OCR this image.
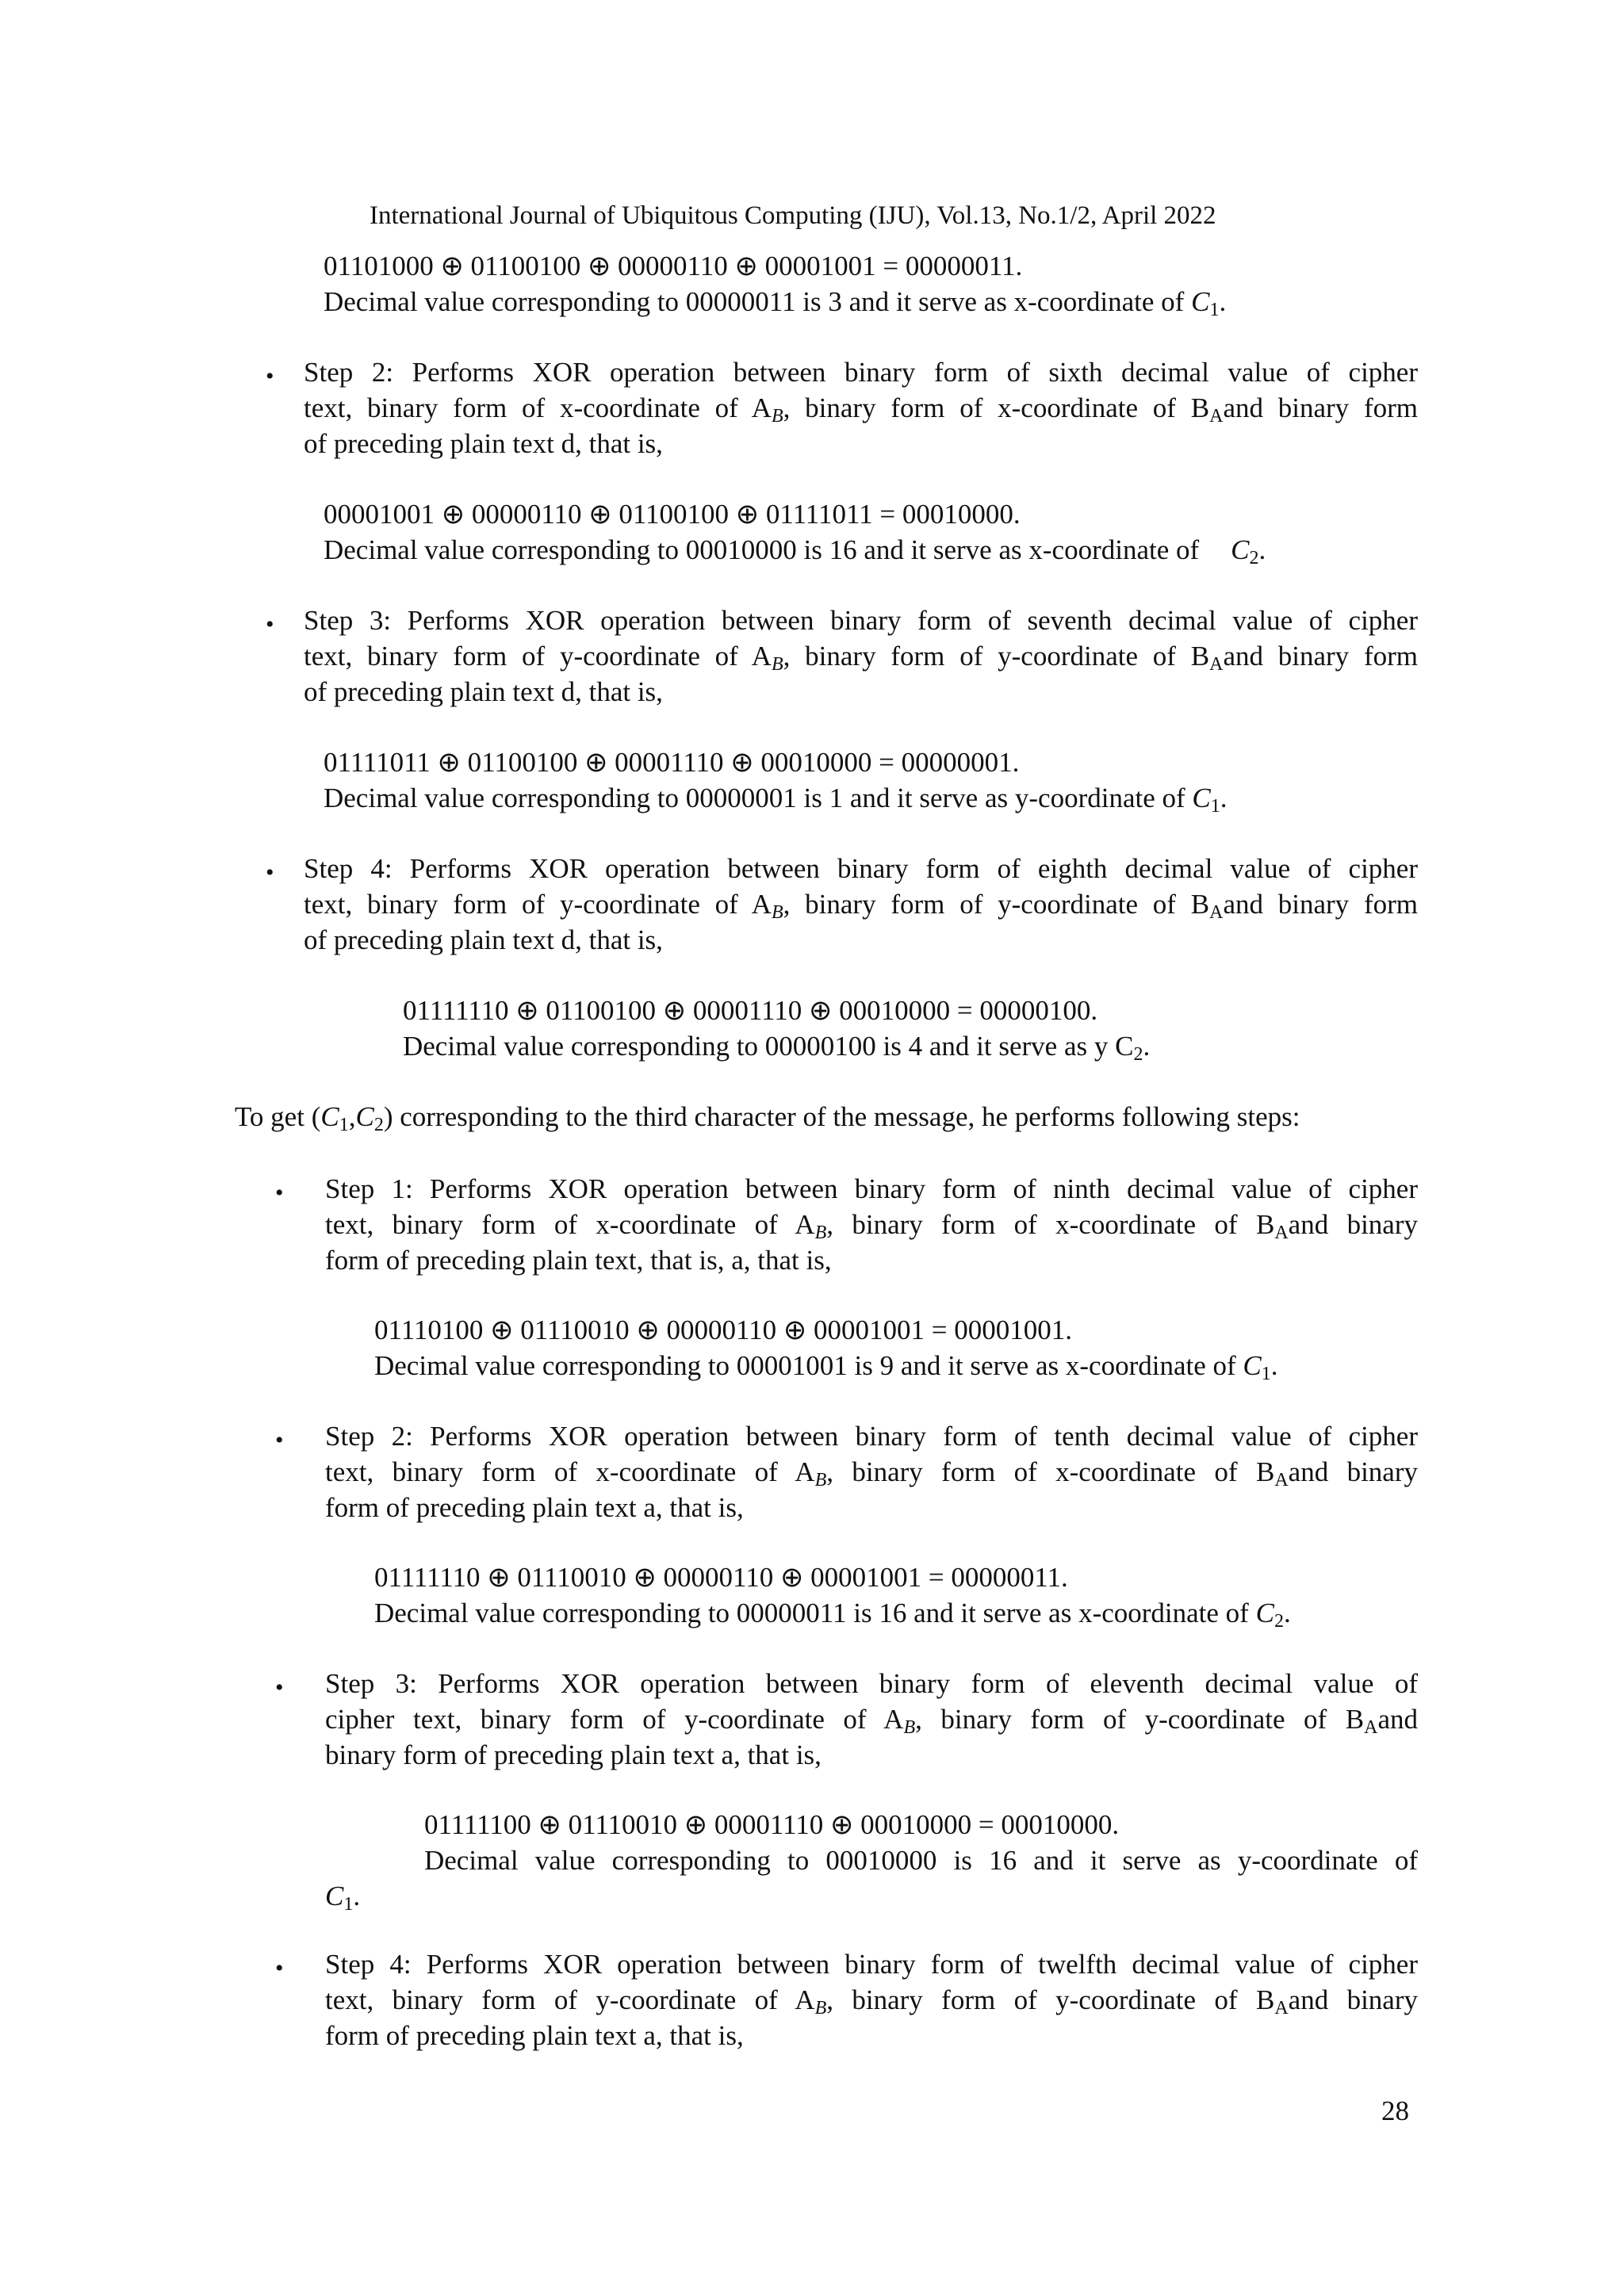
International Journal of Ubiquitous Computing (IJU), Vol.13, No.1/2, April 2022
01101000 ⊕ 01100100 ⊕ 00000110 ⊕ 00001001 = 00000011.
Decimal value corresponding to 00000011 is 3 and it serve as x-coordinate of $C_1$.
• Step 2: Performs XOR operation between binary form of sixth decimal value of cipher
text, binary form of x-coordinate of $A_B$, binary form of x-coordinate of $B_Aand$ binary form
of preceding plain text d, that is,
00001001 ⊕ 00000110 ⊕ 01100100 ⊕ 01111011 = 00010000.
Decimal value corresponding to 00010000 is 16 and it serve as x-coordinate of $C_2$.
• Step 3: Performs XOR operation between binary form of seventh decimal value of cipher
text, binary form of y-coordinate of $A_B$, binary form of y-coordinate of $B_Aand$ binary form
of preceding plain text d, that is,
01111011 ⊕ 01100100 ⊕ 00001110 ⊕ 00010000 = 00000001.
Decimal value corresponding to 00000001 is 1 and it serve as y-coordinate of $C_1$.
• Step 4: Performs XOR operation between binary form of eighth decimal value of cipher
text, binary form of y-coordinate of $A_B$, binary form of y-coordinate of $B_Aand$ binary form
of preceding plain text d, that is,
01111110 ⊕ 01100100 ⊕ 00001110 ⊕ 00010000 = 00000100.
Decimal value corresponding to 00000100 is 4 and it serve as y $C_2$.
To get $(C_1,C_2)$ corresponding to the third character of the message, he performs following steps:
• Step 1: Performs XOR operation between binary form of ninth decimal value of cipher
text, binary form of x-coordinate of $A_B$, binary form of x-coordinate of $B_Aand$ binary
form of preceding plain text, that is, a, that is,
01110100 ⊕ 01110010 ⊕ 00000110 ⊕ 00001001 = 00001001.
Decimal value corresponding to 00001001 is 9 and it serve as x-coordinate of $C_1$.
• Step 2: Performs XOR operation between binary form of tenth decimal value of cipher
text, binary form of x-coordinate of $A_B$, binary form of x-coordinate of $B_Aand$ binary
form of preceding plain text a, that is,
01111110 ⊕ 01110010 ⊕ 00000110 ⊕ 00001001 = 00000011.
Decimal value corresponding to 00000011 is 16 and it serve as x-coordinate of $C_2$.
• Step 3: Performs XOR operation between binary form of eleventh decimal value of
cipher text, binary form of y-coordinate of $A_B$, binary form of y-coordinate of $B_Aand$
binary form of preceding plain text a, that is,
01111100 ⊕ 01110010 ⊕ 00001110 ⊕ 00010000 = 00010000.
Decimal value corresponding to 00010000 is 16 and it serve as y-coordinate of
$C_1$.
• Step 4: Performs XOR operation between binary form of twelfth decimal value of cipher
text, binary form of y-coordinate of $A_B$, binary form of y-coordinate of $B_Aand$ binary
form of preceding plain text a, that is,
28
